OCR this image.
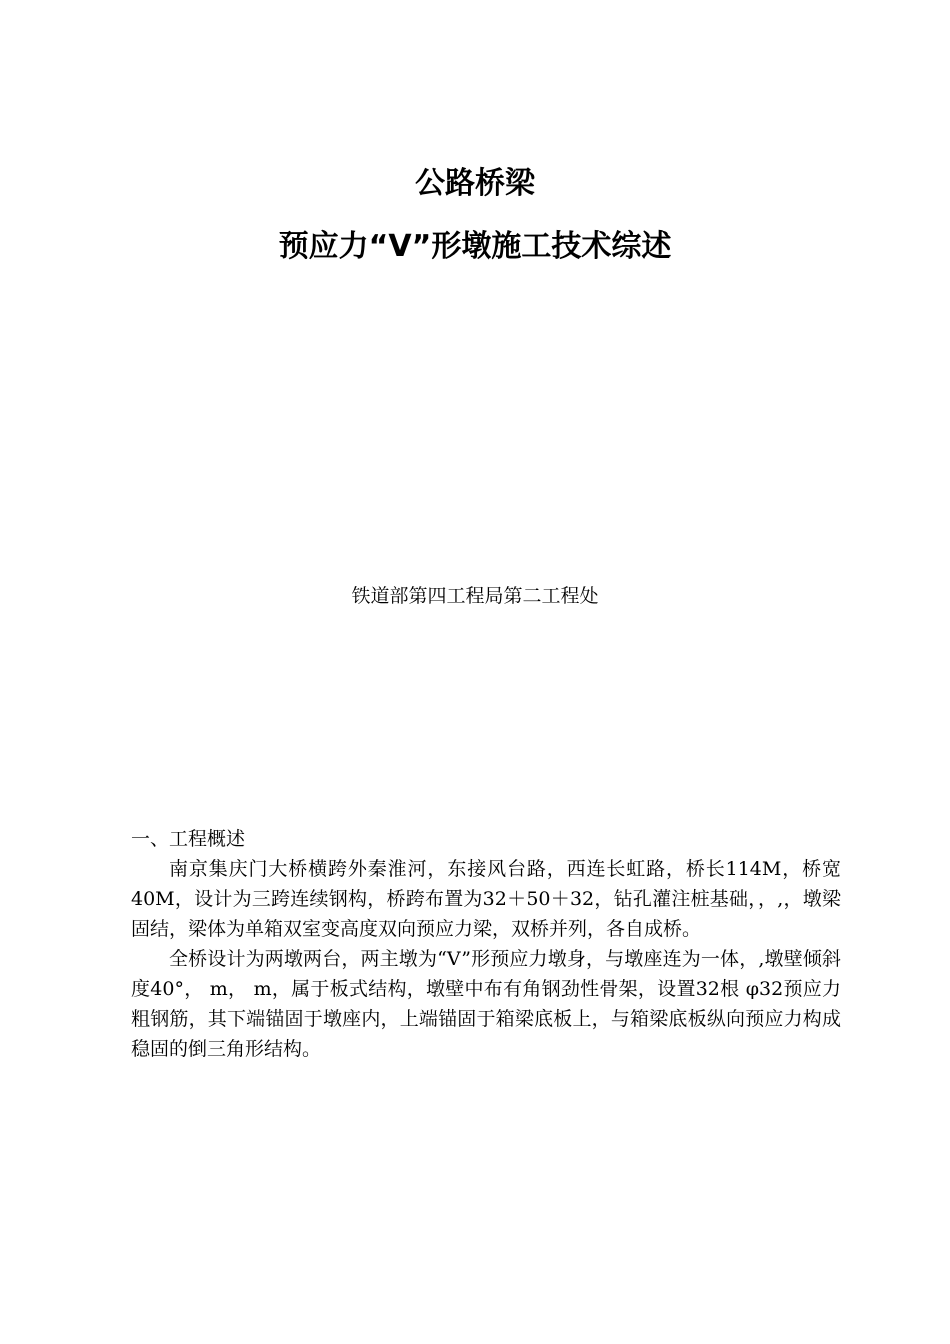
公路桥梁
预应力“V”形墩施工技术综述
铁道部第四工程局第二工程处

一、工程概述

南京集庆门大桥横跨外秦淮河，东接风台路，西连长虹路，桥长114M，桥宽40M，设计为三跨连续钢构，桥跨布置为32＋50＋32，钻孔灌注桩基础，，,，墩梁固结，梁体为单箱双室变高度双向预应力梁，双桥并列，各自成桥。

全桥设计为两墩两台，两主墩为“V”形预应力墩身，与墩座连为一体，,墩壁倾斜度40°， m， m，属于板式结构，墩壁中布有角钢劲性骨架，设置32根 φ32预应力粗钢筋，其下端锚固于墩座内，上端锚固于箱梁底板上，与箱梁底板纵向预应力构成稳固的倒三角形结构。
